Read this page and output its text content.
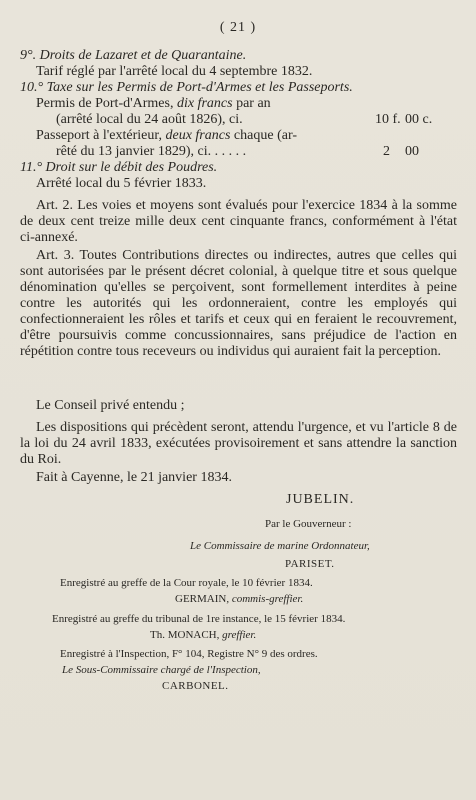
( 21 )
9°. Droits de Lazaret et de Quarantaine.
Tarif réglé par l'arrêté local du 4 septembre 1832.
10.° Taxe sur les Permis de Port-d'Armes et les Passeports.
Permis de Port-d'Armes, dix francs par an
(arrêté local du 24 août 1826), ci.	10 f. 00 c.
Passeport à l'extérieur, deux francs chaque (ar-
rêté du 13 janvier 1829), ci. . . . . .	2 00
11.° Droit sur le débit des Poudres.
Arrêté local du 5 février 1833.
Art. 2. Les voies et moyens sont évalués pour l'exercice 1834 à la somme de deux cent treize mille deux cent cinquante francs, conformément à l'état ci-annexé.
Art. 3. Toutes Contributions directes ou indirectes, autres que celles qui sont autorisées par le présent décret colonial, à quelque titre et sous quelque dénomination qu'elles se perçoivent, sont formellement interdites à peine contre les autorités qui les ordonneraient, contre les employés qui confectionneraient les rôles et tarifs et ceux qui en feraient le recouvrement, d'être poursuivis comme concussionnaires, sans préjudice de l'action en répétition contre tous receveurs ou individus qui auraient fait la perception.
Le Conseil privé entendu ;
Les dispositions qui précèdent seront, attendu l'urgence, et vu l'article 8 de la loi du 24 avril 1833, exécutées provisoirement et sans attendre la sanction du Roi.
Fait à Cayenne, le 21 janvier 1834.
JUBELIN.
Par le Gouverneur :
Le Commissaire de marine Ordonnateur,
PARISET.
Enregistré au greffe de la Cour royale, le 10 février 1834.
GERMAIN, commis-greffier.
Enregistré au greffe du tribunal de 1re instance, le 15 février 1834.
Th. MONACH, greffier.
Enregistré à l'Inspection, F° 104, Registre N° 9 des ordres.
Le Sous-Commissaire chargé de l'Inspection,
CARBONEL.
